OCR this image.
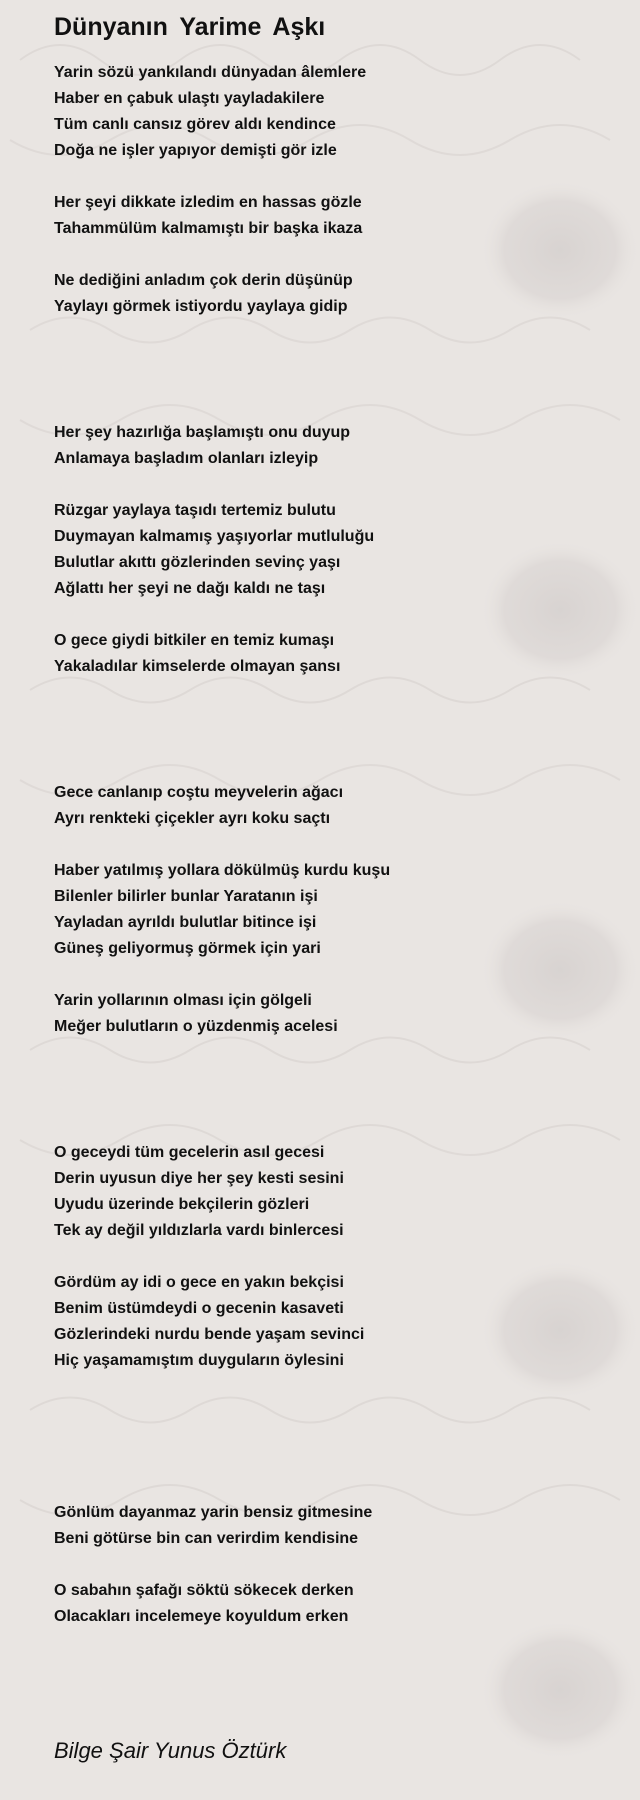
Dünyanın Yarime Aşkı
Yarin sözü yankılandı dünyadan âlemlere
Haber en çabuk ulaştı yayladakilere
Tüm canlı cansız görev aldı kendince
Doğa ne işler yapıyor demişti gör izle
Her şeyi dikkate izledim en hassas gözle
Tahammülüm kalmamıştı bir başka ikaza
Ne dediğini anladım çok derin düşünüp
Yaylayı görmek istiyordu yaylaya gidip
Her şey hazırlığa başlamıştı onu duyup
Anlamaya başladım olanları izleyip
Rüzgar yaylaya taşıdı tertemiz bulutu
Duymayan kalmamış yaşıyorlar mutluluğu
Bulutlar akıttı gözlerinden sevinç yaşı
Ağlattı her şeyi ne dağı kaldı ne taşı
O gece giydi bitkiler en temiz kumaşı
Yakaladılar kimselerde olmayan şansı
Gece canlanıp coştu meyvelerin ağacı
Ayrı renkteki çiçekler ayrı koku saçtı
Haber yatılmış yollara dökülmüş kurdu kuşu
Bilenler bilirler bunlar Yaratanın işi
Yayladan ayrıldı bulutlar bitince işi
Güneş geliyormuş görmek için yari
Yarin yollarının olması için gölgeli
Meğer bulutların o yüzdenmiş acelesi
O geceydi tüm gecelerin asıl gecesi
Derin uyusun diye her şey kesti sesini
Uyudu üzerinde bekçilerin gözleri
Tek ay değil yıldızlarla vardı binlercesi
Gördüm ay idi o gece en yakın bekçisi
Benim üstümdeydi o gecenin kasaveti
Gözlerindeki nurdu bende yaşam sevinci
Hiç yaşamamıştım duyguların öylesini
Gönlüm dayanmaz yarin bensiz gitmesine
Beni götürse bin can verirdim kendisine
O sabahın şafağı söktü sökecek derken
Olacakları incelemeye koyuldum erken
Bilge Şair Yunus Öztürk
